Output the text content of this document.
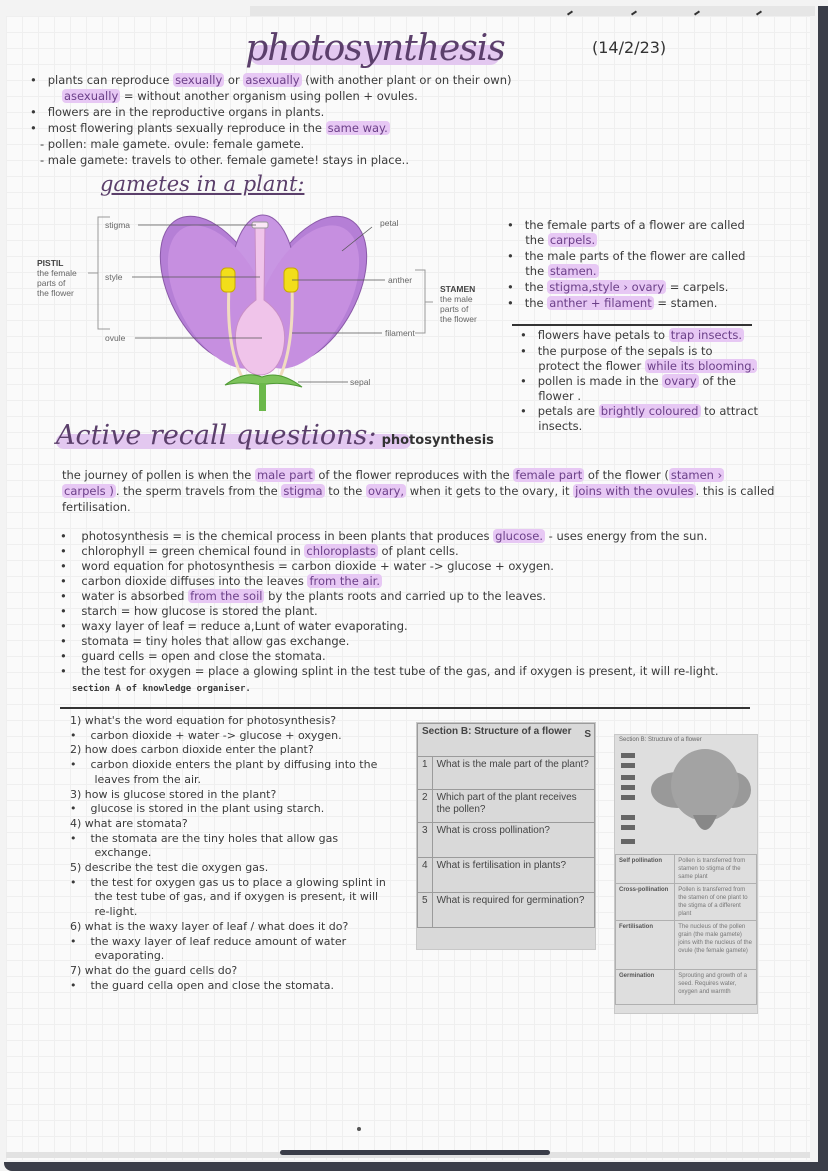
photosynthesis	(14/2/23)
•   plants can reproduce sexually or asexually (with another plant or on their own)
asexually = without another organism using pollen + ovules.
•   flowers are in the reproductive organs in plants.
•   most flowering plants sexually reproduce in the same way.
- pollen: male gamete. ovule: female gamete.
- male gamete: travels to other. female gamete! stays in place..
gametes in a plant:
PISTIL
the female
parts of
the flower
stigma
style
ovule
petal
anther
filament
sepal
STAMEN
the male
parts of
the flower
•   the female parts of a flower are called
the carpels.
•   the male parts of the flower are called
the stamen.
•   the stigma,style › ovary = carpels.
•   the anther + filament = stamen.
•   flowers have petals to trap insects.
•   the purpose of the sepals is to
protect the flower while its blooming.
•   pollen is made in the ovary of the
flower .
•   petals are brightly coloured to attract
insects.
Active recall questions: photosynthesis
the journey of pollen is when the male part of the flower reproduces with the female part of the flower ( stamen ›
carpels ) . the sperm travels from the stigma to the ovary, when it gets to the ovary, it joins with the ovules . this is called
fertilisation.
•    photosynthesis = is the chemical process in been plants that produces glucose. - uses energy from the sun.
•    chlorophyll = green chemical found in chloroplasts of plant cells.
•    word equation for photosynthesis = carbon dioxide + water -> glucose + oxygen.
•    carbon dioxide diffuses into the leaves from the air.
•    water is absorbed from the soil by the plants roots and carried up to the leaves.
•    starch = how glucose is stored the plant.
•    waxy layer of leaf = reduce a,Lunt of water evaporating.
•    stomata = tiny holes that allow gas exchange.
•    guard cells = open and close the stomata.
•    the test for oxygen = place a glowing splint in the test tube of the gas, and if oxygen is present, it will re-light.
section A of knowledge organiser.
1) what's the word equation for photosynthesis?
•    carbon dioxide + water -> glucose + oxygen.
2) how does carbon dioxide enter the plant?
•    carbon dioxide enters the plant by diffusing into the
leaves from the air.
3) how is glucose stored in the plant?
•    glucose is stored in the plant using starch.
4) what are stomata?
•    the stomata are the tiny holes that allow gas
exchange.
5) describe the test die oxygen gas.
•    the test for oxygen gas us to place a glowing splint in
the test tube of gas, and if oxygen is present, it will
re-light.
6) what is the waxy layer of leaf / what does it do?
•    the waxy layer of leaf reduce amount of water
evaporating.
7) what do the guard cells do?
•    the guard cella open and close the stomata.
Section B: Structure of a flower	
1	What is the male part of the plant?
2	Which part of the plant receives the pollen?
3	What is cross pollination?
4	What is fertilisation in plants?
5	What is required for germination?
S	Section B: Structure of a flower
Self pollination	Pollen is transferred from stamen to stigma of the same plant
Cross-pollination	Pollen is transferred from the stamen of one plant to the stigma of a different plant
Fertilisation	The nucleus of the pollen grain (the male gamete) joins with the nucleus of the ovule (the female gamete)
Germination	Sprouting and growth of a seed. Requires water, oxygen and warmth
